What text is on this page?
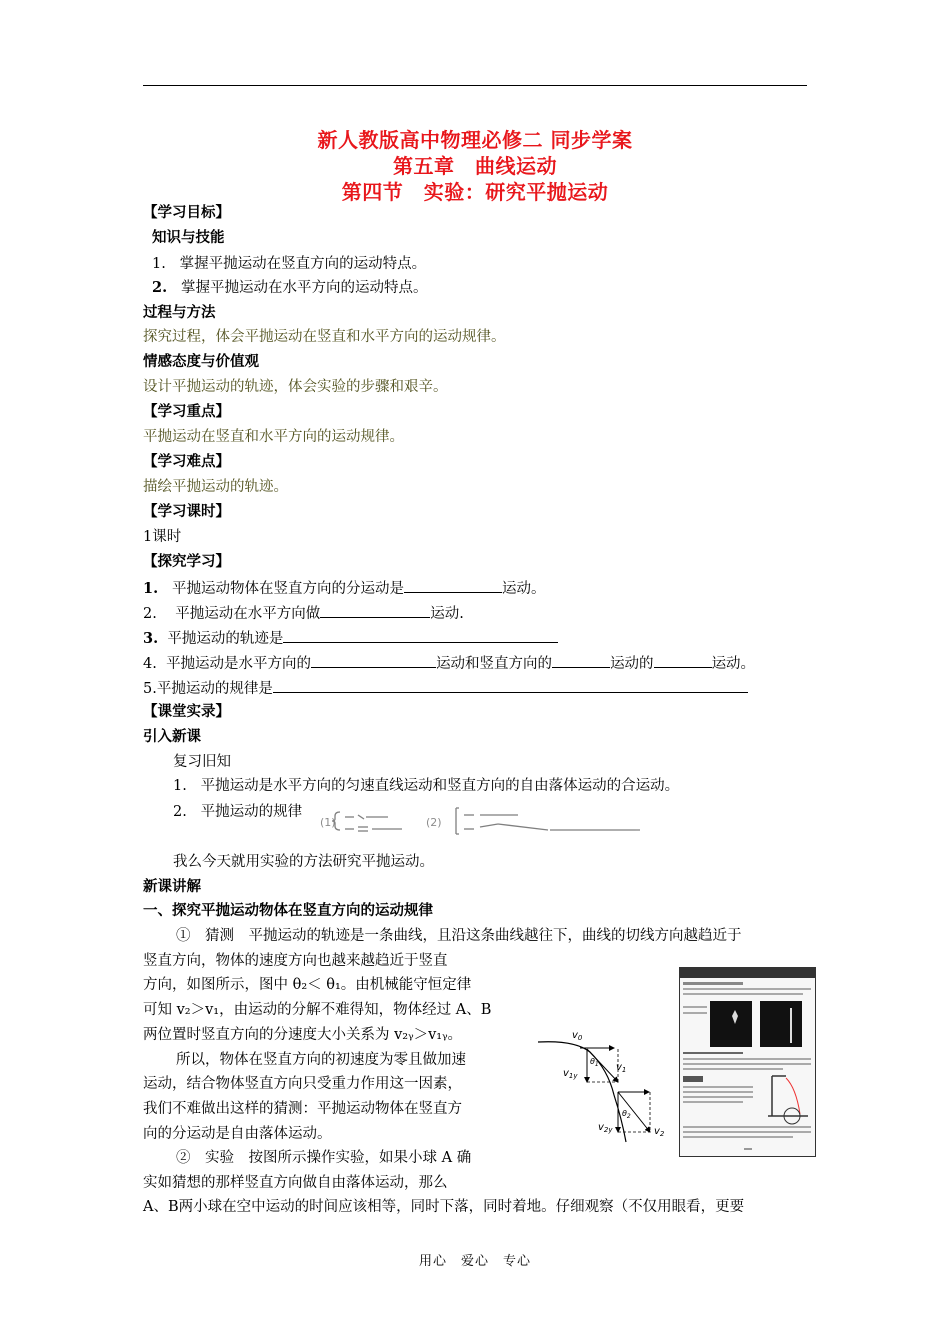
新人教版高中物理必修二 同步学案
第五章　曲线运动
第四节　实验：研究平抛运动
【学习目标】
知识与技能
1. 掌握平抛运动在竖直方向的运动特点。
2. 掌握平抛运动在水平方向的运动特点。
过程与方法
探究过程，体会平抛运动在竖直和水平方向的运动规律。
情感态度与价值观
设计平抛运动的轨迹，体会实验的步骤和艰辛。
【学习重点】
平抛运动在竖直和水平方向的运动规律。
【学习难点】
描绘平抛运动的轨迹。
【学习课时】
1课时
【探究学习】
1. 平抛运动物体在竖直方向的分运动是	运动。
2. 平抛运动在水平方向做	运动.
3. 平抛运动的轨迹是
4. 平抛运动是水平方向的	运动和竖直方向的	运动的	运动。
5.平抛运动的规律是
【课堂实录】
引入新课
复习旧知
1. 平抛运动是水平方向的匀速直线运动和竖直方向的自由落体运动的合运动。
2. 平抛运动的规律
(1)	(2)
我么今天就用实验的方法研究平抛运动。
新课讲解
一、探究平抛运动物体在竖直方向的运动规律
①　猜测　平抛运动的轨迹是一条曲线，且沿这条曲线越往下，曲线的切线方向越趋近于
竖直方向，物体的速度方向也越来越趋近于竖直
方向，如图所示，图中 θ₂＜ θ₁。由机械能守恒定律
可知 v₂＞v₁，由运动的分解不难得知，物体经过 A、B
两位置时竖直方向的分速度大小关系为 v₂ᵧ＞v₁ᵧ。
所以，物体在竖直方向的初速度为零且做加速
运动，结合物体竖直方向只受重力作用这一因素，
我们不难做出这样的猜测：平抛运动物体在竖直方
向的分运动是自由落体运动。
②　实验　按图所示操作实验，如果小球 A 确
实如猜想的那样竖直方向做自由落体运动，那么
A、B两小球在空中运动的时间应该相等，同时下落，同时着地。仔细观察（不仅用眼看，更要
$v_0$
$v_{1y}$
$v_1$
$\theta_1$
$\theta_2$
$v_{2y}$	$v_2$
用心　爱心　专心
